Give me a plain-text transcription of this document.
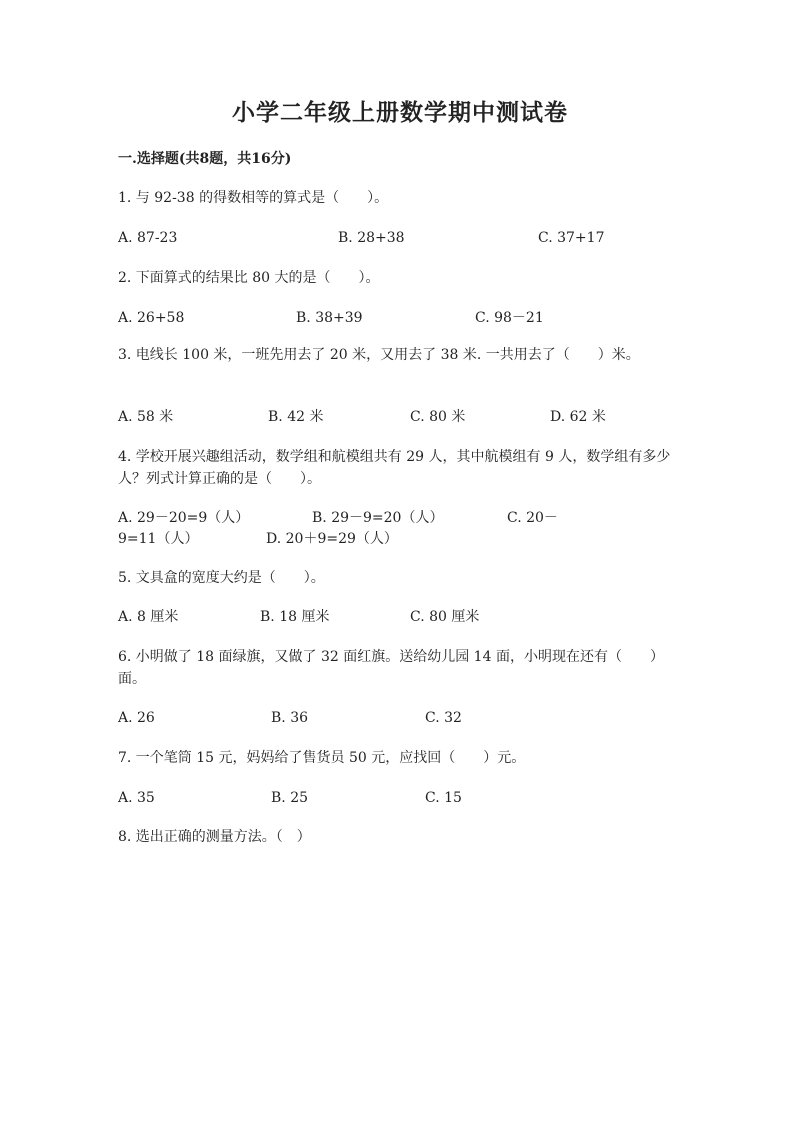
小学二年级上册数学期中测试卷
一.选择题(共8题，共16分)
1. 与 92-38 的得数相等的算式是（　　）。
A. 87-23	B. 28+38	C. 37+17
2. 下面算式的结果比 80 大的是（　　）。
A. 26+58	B. 38+39	C. 98－21
3. 电线长 100 米，一班先用去了 20 米，又用去了 38 米. 一共用去了（　　）米。
A. 58 米	B. 42 米	C. 80 米	D. 62 米
4. 学校开展兴趣组活动，数学组和航模组共有 29 人，其中航模组有 9 人，数学组有多少人？列式计算正确的是（　　）。
A. 29－20=9（人）	B. 29－9=20（人）	C. 20－
9=11（人）	D. 20＋9=29（人）
5. 文具盒的宽度大约是（　　）。
A. 8 厘米	B. 18 厘米	C. 80 厘米
6. 小明做了 18 面绿旗，又做了 32 面红旗。送给幼儿园 14 面，小明现在还有（　　）面。
A. 26	B. 36	C. 32
7. 一个笔筒 15 元，妈妈给了售货员 50 元，应找回（　　）元。
A. 35	B. 25	C. 15
8. 选出正确的测量方法。（　）
